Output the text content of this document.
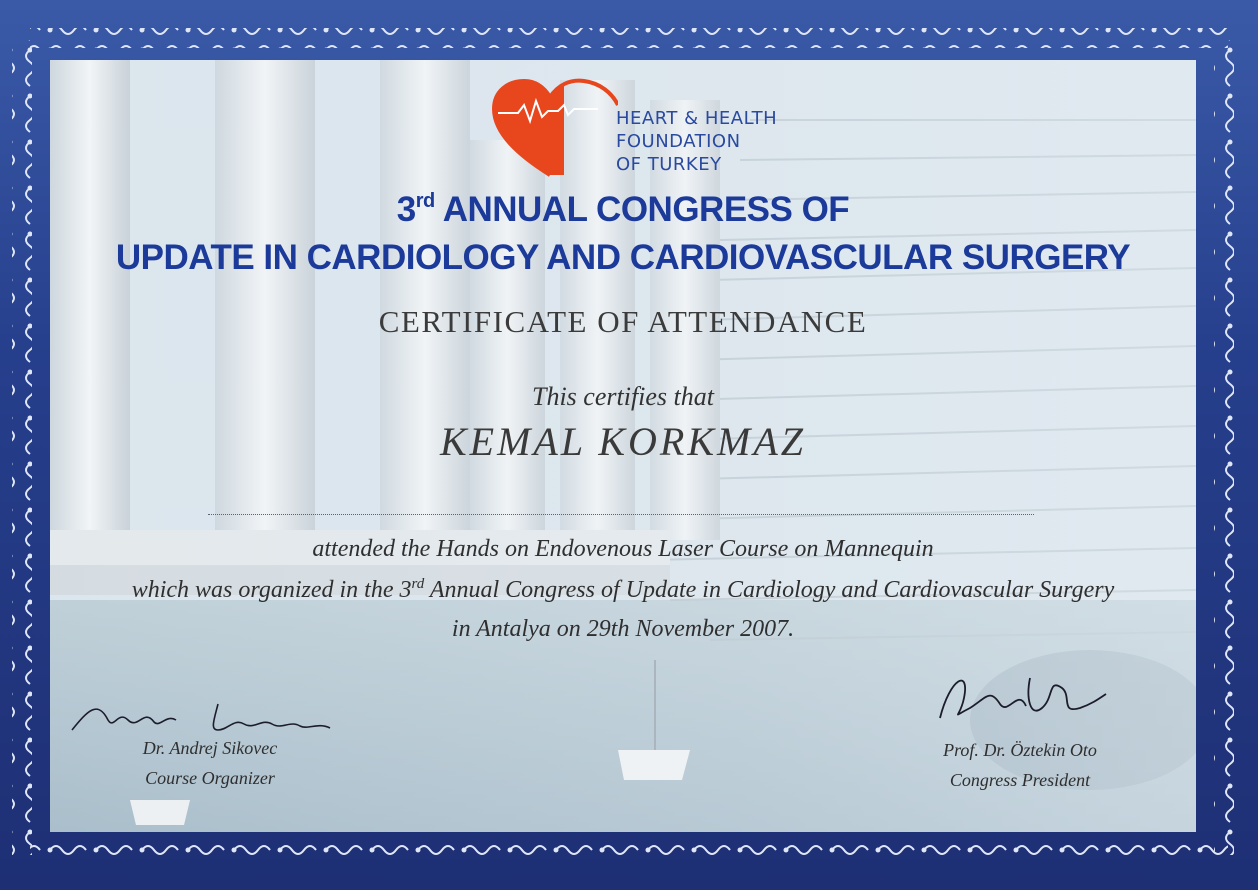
HEART & HEALTH
FOUNDATION
OF TURKEY
3rd ANNUAL CONGRESS OF
UPDATE IN CARDIOLOGY AND CARDIOVASCULAR SURGERY
CERTIFICATE OF ATTENDANCE
This certifies that
KEMAL KORKMAZ
attended the Hands on Endovenous Laser Course on Mannequin
which was organized in the 3rd Annual Congress of Update in Cardiology and Cardiovascular Surgery
in Antalya on 29th November 2007.
Dr. Andrej Sikovec
Course Organizer
Prof. Dr. Öztekin Oto
Congress President
